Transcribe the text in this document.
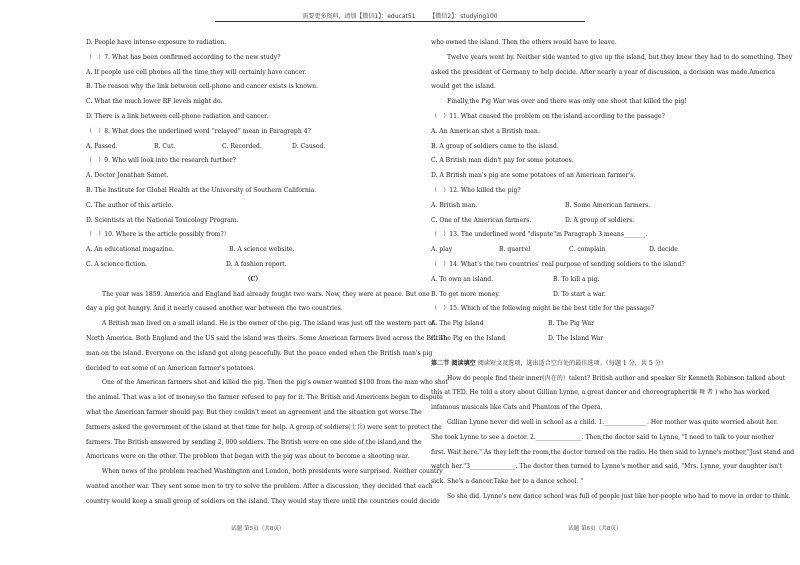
需要更多资料，请加【微信1】：educat51 【微信2】：studying100
D. People have intense exposure to radiation.
（　）7. What has been confirmed according to the new study?
A. If people use cell phones all the time,they will certainly have cancer.
B. The reason why the link between cell-phone and cancer exists is known.
C. What the much lower RF levels might do.
D. There is a link between cell-phone radiation and cancer.
（　）8. What does the underlined word “relayed” mean in Paragraph 4?
A. Passed.	B. Cut.	C. Recorded.	D. Caused.
（　）9. Who will look into the research further?
A. Doctor Jonathan Samet.
B. The Institute for Global Health at the University of Southern California.
C. The author of this article.
D. Scientists at the National Toxicology Program.
（　）10. Where is the article possibly from?）
A. An educational magazine.	B. A science website.
C. A science fiction.	D. A fashion report.
（C）
The year was 1859. America and England had already fought two wars. Now, they were at peace. But one
day a pig got hungry. And it nearly caused another war between the two countries.
A British man lived on a small island. He is the owner of the pig. The island was just off the western part of
North America. Both England and the US said the island was theirs. Some American farmers lived across the British
man on the island. Everyone on the island got along peacefully. But the peace ended when the British man's pig
decided to eat some of an American farmer's potatoes.
One of the American farmers shot and killed the pig. Then the pig's owner wanted $100 from the man who shot
the animal. That was a lot of money,so the farmer refused to pay for it. The British and Americans began to dispute
what the American farmer should pay. But they couldn't meet an agreement and the situation got worse.The
farmers asked the government of the island at that time for help. A group of soldiers(士兵) were sent to protect the
farmers. The British answered by sending 2, 000 soldiers. The British were on one side of the island,and the
Americans were on the other. The problem that began with the pig was about to become a shooting war.
When news of the problem reached Washington and London, both presidents were surprised. Neither country
wanted another war. They sent some men to try to solve the problem. After a discussion, they decided that each
country would keep a small group of soldiers on the island. They would stay there until the countries could decide
who owned the island. Then the others would have to leave.
Twelve years went by. Neither side wanted to give up the island, but they knew they had to do something. They
asked the president of Germany to help decide. After nearly a year of discussion, a decision was made.America
would get the island.
Finally,the Pig War was over and there was only one shoot that killed the pig!
（　）11. What caused the problem on the island according to the passage?
A. An American shot a British man.
B. A group of soldiers came to the island.
C. A British man didn't pay for some potatoes.
D. A British man's pig ate some potatoes of an American farmer's.
（　）12. Who killed the pig?
A. British man.	B. Some American farmers.
C. One of the American farmers.	D. A group of soldiers.
（　）13. The underlined word "dispute"in Paragraph 3 means_______.
A. play	B. quarrel	C. complain	D. decide
（　）14. What's the two countries' real purpose of sending soldiers to the island?
A. To own an island.	B. To kill a pig.
B. To get more money.	D. To start a war.
（　）15. Which of the following might be the best title for the passage?
A. The Pig Island	B. The Pig War
C. The Pig on the Island	D. The Island War
第二节 阅读填空 阅读短文及选项，选出适合空白处的最佳选项。（每题 1 分，共 5 分）
How do people find their inner(内在的）talent? British author and speaker Sir Kenneth Robinson talked about
this at TED. He told a story about Gillian Lynne, a great dancer and choreographer(编 舞 者 ) who has worked
infamous musicals like Cats and Phantom of the Opera.
Gillian Lynne never did well in school as a child. 1.______________. Her mother was quite worried about her.
She took Lynne to see a doctor. 2._______________. Then,the doctor said to Lynne, "I need to talk to your mother
first. Wait here." As they left the room,the doctor turned on the radio. He then said to Lynne's mother,"Just stand and
watch her."3_______________. The doctor then turned to Lynne's mother and said, "Mrs. Lynne, your daughter isn't
sick. She's a dancer.Take her to a dance school. "
So she did. Lynne's new dance school was full of people just like her-people who had to move in order to think.
试题 第5页（共8页）	试题 第6页（共8页）
